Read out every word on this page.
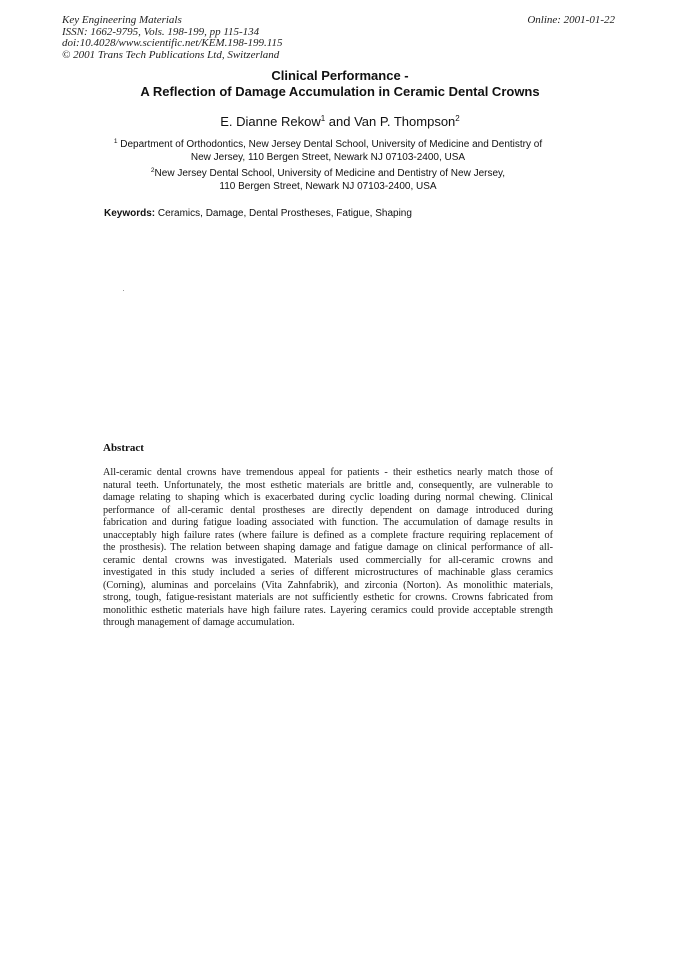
Key Engineering Materials
ISSN: 1662-9795, Vols. 198-199, pp 115-134
doi:10.4028/www.scientific.net/KEM.198-199.115
© 2001 Trans Tech Publications Ltd, Switzerland
Online: 2001-01-22
Clinical Performance -
A Reflection of Damage Accumulation in Ceramic Dental Crowns
E. Dianne Rekow$^1$ and Van P. Thompson$^2$
$^1$ Department of Orthodontics, New Jersey Dental School, University of Medicine and Dentistry of
New Jersey, 110 Bergen Street, Newark NJ 07103-2400, USA
$^2$New Jersey Dental School, University of Medicine and Dentistry of New Jersey,
110 Bergen Street, Newark NJ 07103-2400, USA
Keywords: Ceramics, Damage, Dental Prostheses, Fatigue, Shaping
Abstract
All-ceramic dental crowns have tremendous appeal for patients - their esthetics nearly match those of
natural teeth. Unfortunately, the most esthetic materials are brittle and, consequently, are vulnerable to
damage relating to shaping which is exacerbated during cyclic loading during normal chewing. Clinical
performance of all-ceramic dental prostheses are directly dependent on damage introduced during
fabrication and during fatigue loading associated with function. The accumulation of damage results in
unacceptably high failure rates (where failure is defined as a complete fracture requiring replacement of
the prosthesis). The relation between shaping damage and fatigue damage on clinical performance of all-
ceramic dental crowns was investigated. Materials used commercially for all-ceramic crowns and
investigated in this study included a series of different microstructures of machinable glass ceramics
(Corning), aluminas and porcelains (Vita Zahnfabrik), and zirconia (Norton). As monolithic materials,
strong, tough, fatigue-resistant materials are not sufficiently esthetic for crowns. Crowns fabricated from
monolithic esthetic materials have high failure rates. Layering ceramics could provide acceptable strength
through management of damage accumulation.
